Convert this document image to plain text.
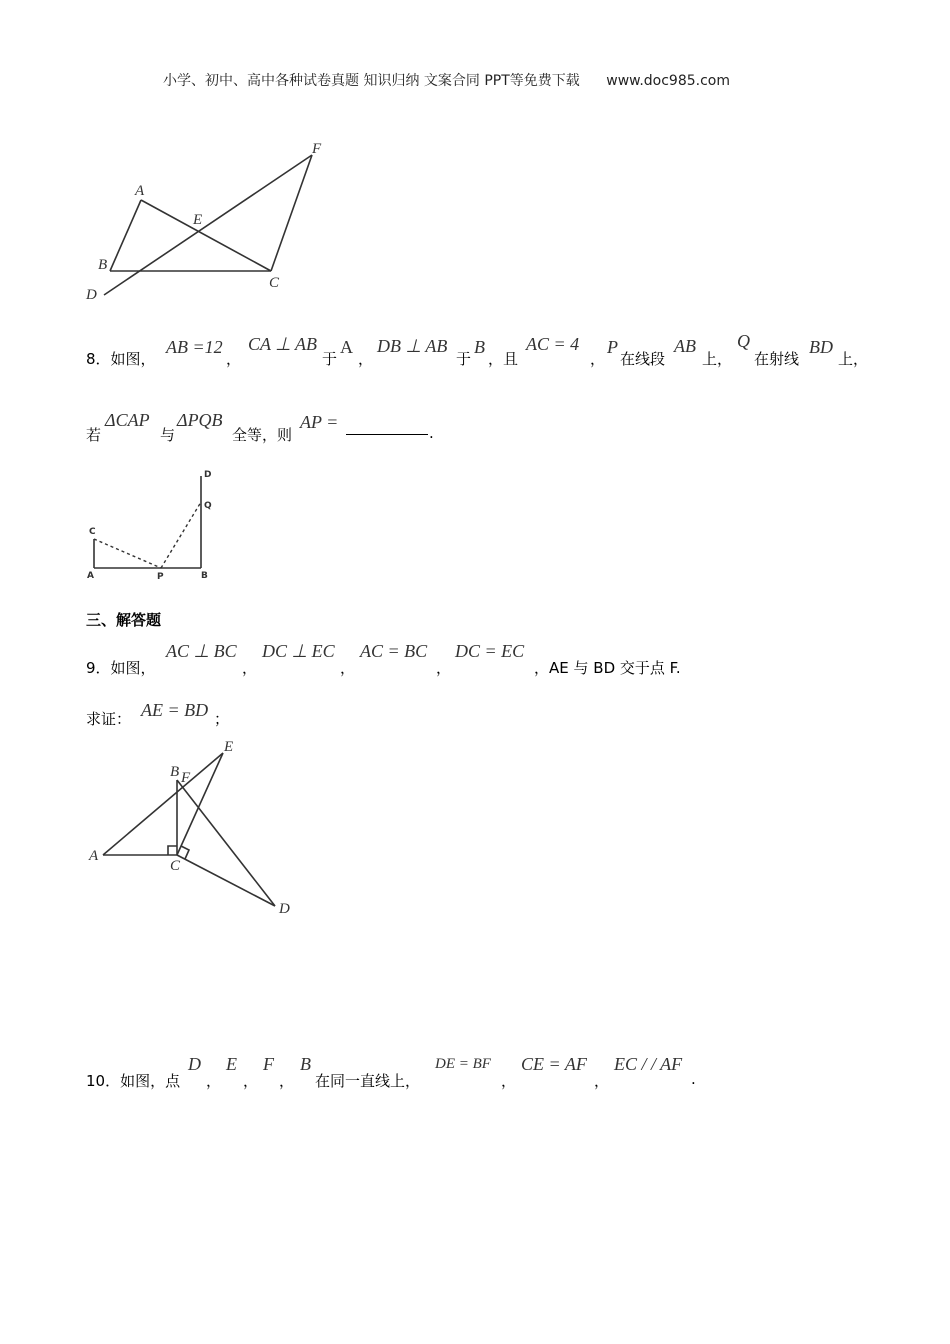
小学、初中、高中各种试卷真题 知识归纳 文案合同 PPT等免费下载 www.doc985.com
A
B
C
D
E
F
8．如图，
AB =12
，
CA ⊥ AB
于
A
，
DB ⊥ AB
于
B
，且
AC = 4
，
P
在线段
AB
上，
Q
在射线
BD
上，
若
ΔCAP
与
ΔPQB
全等，则
AP =
.
C
A	P	B
Q
D
三、解答题
9．如图，
AC ⊥ BC
，
DC ⊥ EC
，
AC = BC
，
DC = EC
，AE 与 BD 交于点 F.
求证： AE = BD ；
A
B
C
D
E
F
10．如图，点
D
，
E
，
F
，
B
在同一直线上，
DE = BF
，
CE = AF
，
EC / / AF
.
